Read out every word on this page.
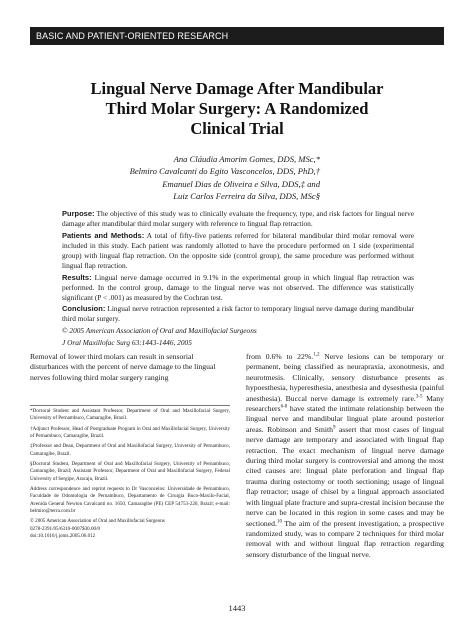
BASIC AND PATIENT-ORIENTED RESEARCH
Lingual Nerve Damage After Mandibular
Third Molar Surgery: A Randomized
Clinical Trial
Ana Cláudia Amorim Gomes, DDS, MSc,*
Belmiro Cavalcanti do Egito Vasconcelos, DDS, PhD,†
Emanuel Dias de Oliveira e Silva, DDS,‡ and
Luiz Carlos Ferreira da Silva, DDS, MSc§

Purpose: The objective of this study was to clinically evaluate the frequency, type, and risk factors for lingual nerve damage after mandibular third molar surgery with reference to lingual flap retraction.

Patients and Methods: A total of fifty-five patients referred for bilateral mandibular third molar removal were included in this study. Each patient was randomly allotted to have the procedure performed on 1 side (experimental group) with lingual flap retraction. On the opposite side (control group), the same procedure was performed without lingual flap retraction.

Results: Lingual nerve damage occurred in 9.1% in the experimental group in which lingual flap retraction was performed. In the control group, damage to the lingual nerve was not observed. The difference was statistically significant (P < .001) as measured by the Cochran test.

Conclusion: Lingual nerve retraction represented a risk factor to temporary lingual nerve damage during mandibular third molar surgery.

© 2005 American Association of Oral and Maxillofacial Surgeons

J Oral Maxillofac Surg 63:1443-1446, 2005

Removal of lower third molars can result in sensorial disturbances with the percent of nerve damage to the lingual nerves following third molar surgery ranging

*Doctoral Student and Assistant Professor, Department of Oral and Maxillofacial Surgery, University of Pernambuco, Camaragibe, Brazil.

†Adjunct Professor, Head of Postgraduate Program in Oral and Maxillofacial Surgery, University of Pernambuco, Camaragibe, Brazil.

‡Professor and Dean, Department of Oral and Maxillofacial Surgery, University of Pernambuco, Camaragibe, Brazil.

§Doctoral Student, Department of Oral and Maxillofacial Surgery, University of Pernambuco, Camaragibe, Brazil; Assistant Professor, Department of Oral and Maxillofacial Surgery, Federal University of Sergipe, Aracaju, Brazil.

Address correspondence and reprint requests to Dr Vasconcelos: Universidade de Pernambuco, Faculdade de Odontologia de Pernambuco, Departamento de Cirurgia Buco-Maxilo-Facial, Avenida General Newton Cavalcanti no. 1650, Camaragibe (PE) CEP 54753-220, Brazil; e-mail: belmiro@terra.com.br

© 2005 American Association of Oral and Maxillofacial Surgeons

0278-2391/05/6310-0007$30.00/0

doi:10.1016/j.joms.2005.06.012

from 0.6% to 22%.$^{1,2}$ Nerve lesions can be temporary or permanent, being classified as neurapraxia, axonotmesis, and neurotmesis. Clinically, sensory disturbance presents as hypoesthesia, hyperesthesia, anesthesia and dysesthesia (painful anesthesia). Buccal nerve damage is extremely rare.$^{3-5}$ Many researchers$^{6-8}$ have stated the intimate relationship between the lingual nerve and mandibular lingual plate around posterior areas. Robinson and Smith$^9$ assert that most cases of lingual nerve damage are temporary and associated with lingual flap retraction. The exact mechanism of lingual nerve damage during third molar surgery is controversial and among the most cited causes are: lingual plate perforation and lingual flap trauma during ostectomy or tooth sectioning; usage of lingual flap retractor; usage of chisel by a lingual approach associated with lingual plate fracture and supra-crestal incision because the nerve can be located in this region in some cases and may be sectioned.$^{10}$ The aim of the present investigation, a prospective randomized study, was to compare 2 techniques for third molar removal with and without lingual flap retraction regarding sensory disturbance of the lingual nerve.

1443
